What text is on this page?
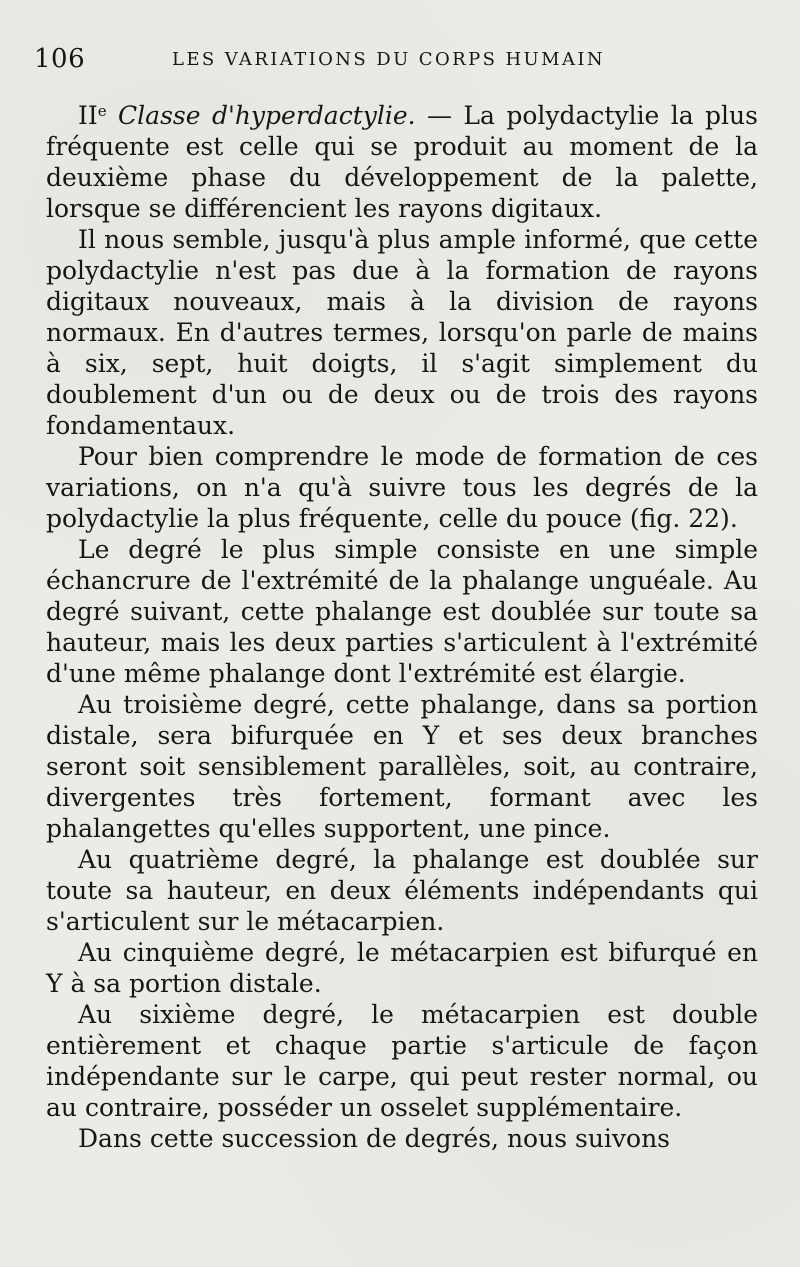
106	LES VARIATIONS DU CORPS HUMAIN

IIe Classe d'hyperdactylie. — La polydactylie la plus fréquente est celle qui se produit au moment de la deuxième phase du développement de la palette, lorsque se différencient les rayons digitaux.

Il nous semble, jusqu'à plus ample informé, que cette polydactylie n'est pas due à la formation de rayons digitaux nouveaux, mais à la division de rayons normaux. En d'autres termes, lorsqu'on parle de mains à six, sept, huit doigts, il s'agit simplement du doublement d'un ou de deux ou de trois des rayons fondamentaux.

Pour bien comprendre le mode de formation de ces variations, on n'a qu'à suivre tous les degrés de la polydactylie la plus fréquente, celle du pouce (fig. 22).

Le degré le plus simple consiste en une simple échancrure de l'extrémité de la phalange unguéale. Au degré suivant, cette phalange est doublée sur toute sa hauteur, mais les deux parties s'articulent à l'extrémité d'une même phalange dont l'extrémité est élargie.

Au troisième degré, cette phalange, dans sa portion distale, sera bifurquée en Y et ses deux branches seront soit sensiblement parallèles, soit, au contraire, divergentes très fortement, formant avec les phalangettes qu'elles supportent, une pince.

Au quatrième degré, la phalange est doublée sur toute sa hauteur, en deux éléments indépendants qui s'articulent sur le métacarpien.

Au cinquième degré, le métacarpien est bifurqué en Y à sa portion distale.

Au sixième degré, le métacarpien est double entièrement et chaque partie s'articule de façon indépendante sur le carpe, qui peut rester normal, ou au contraire, posséder un osselet supplémentaire.

Dans cette succession de degrés, nous suivons
